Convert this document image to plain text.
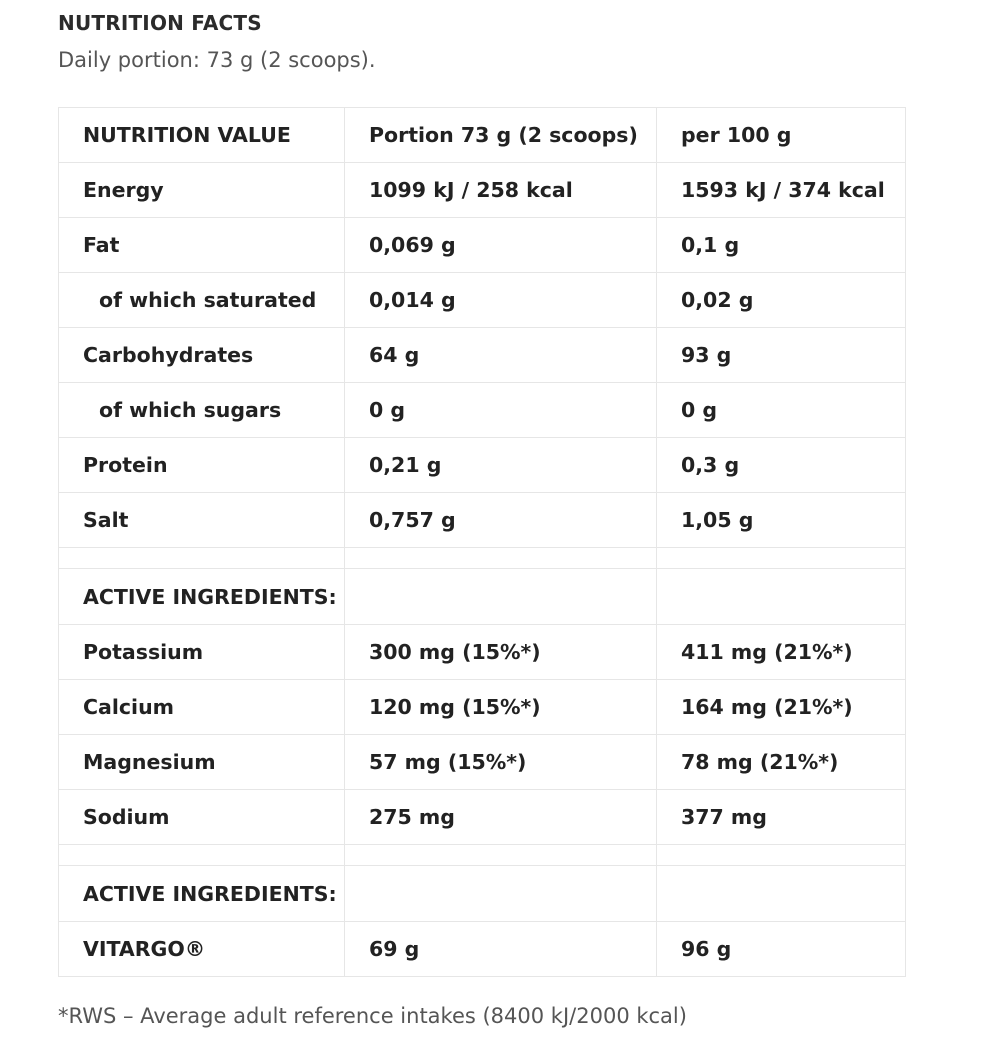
NUTRITION FACTS
Daily portion: 73 g (2 scoops).
NUTRITION VALUE	Portion 73 g (2 scoops)	per 100 g
Energy	1099 kJ / 258 kcal	1593 kJ / 374 kcal
Fat	0,069 g	0,1 g
of which saturated	0,014 g	0,02 g
Carbohydrates	64 g	93 g
of which sugars	0 g	0 g
Protein	0,21 g	0,3 g
Salt	0,757 g	1,05 g

ACTIVE INGREDIENTS:		
Potassium	300 mg (15%*)	411 mg (21%*)
Calcium	120 mg (15%*)	164 mg (21%*)
Magnesium	57 mg (15%*)	78 mg (21%*)
Sodium	275 mg	377 mg

ACTIVE INGREDIENTS:		
VITARGO®	69 g	96 g
*RWS – Average adult reference intakes (8400 kJ/2000 kcal)
